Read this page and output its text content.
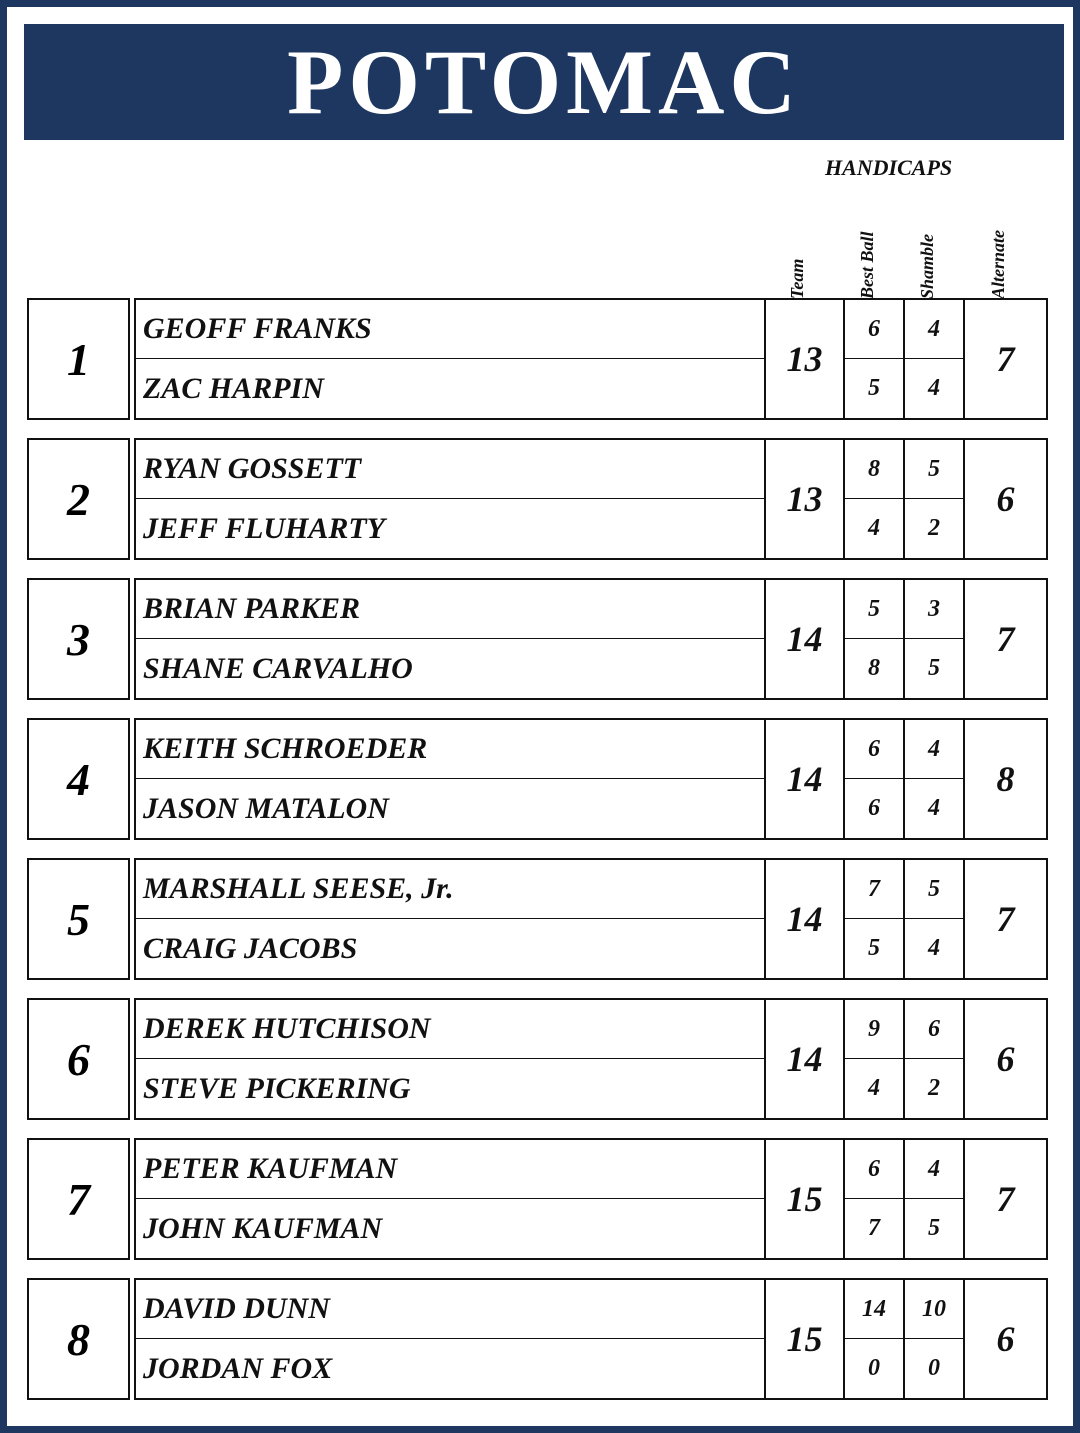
POTOMAC
HANDICAPS
Team	Best Ball Shamble	Alternate
1
GEOFF FRANKS
ZAC HARPIN
13
6
5
4
4
7
2
RYAN GOSSETT
JEFF FLUHARTY
13
8
4
5
2
6
3
BRIAN PARKER
SHANE CARVALHO
14
5
8
3
5
7
4
KEITH SCHROEDER
JASON MATALON
14
6
6
4
4
8
5
MARSHALL SEESE, Jr.
CRAIG JACOBS
14
7
5
5
4
7
6
DEREK HUTCHISON
STEVE PICKERING
14
9
4
6
2
6
7
PETER KAUFMAN
JOHN KAUFMAN
15
6
7
4
5
7
8
DAVID DUNN
JORDAN FOX
15
14
0
10
0
6
